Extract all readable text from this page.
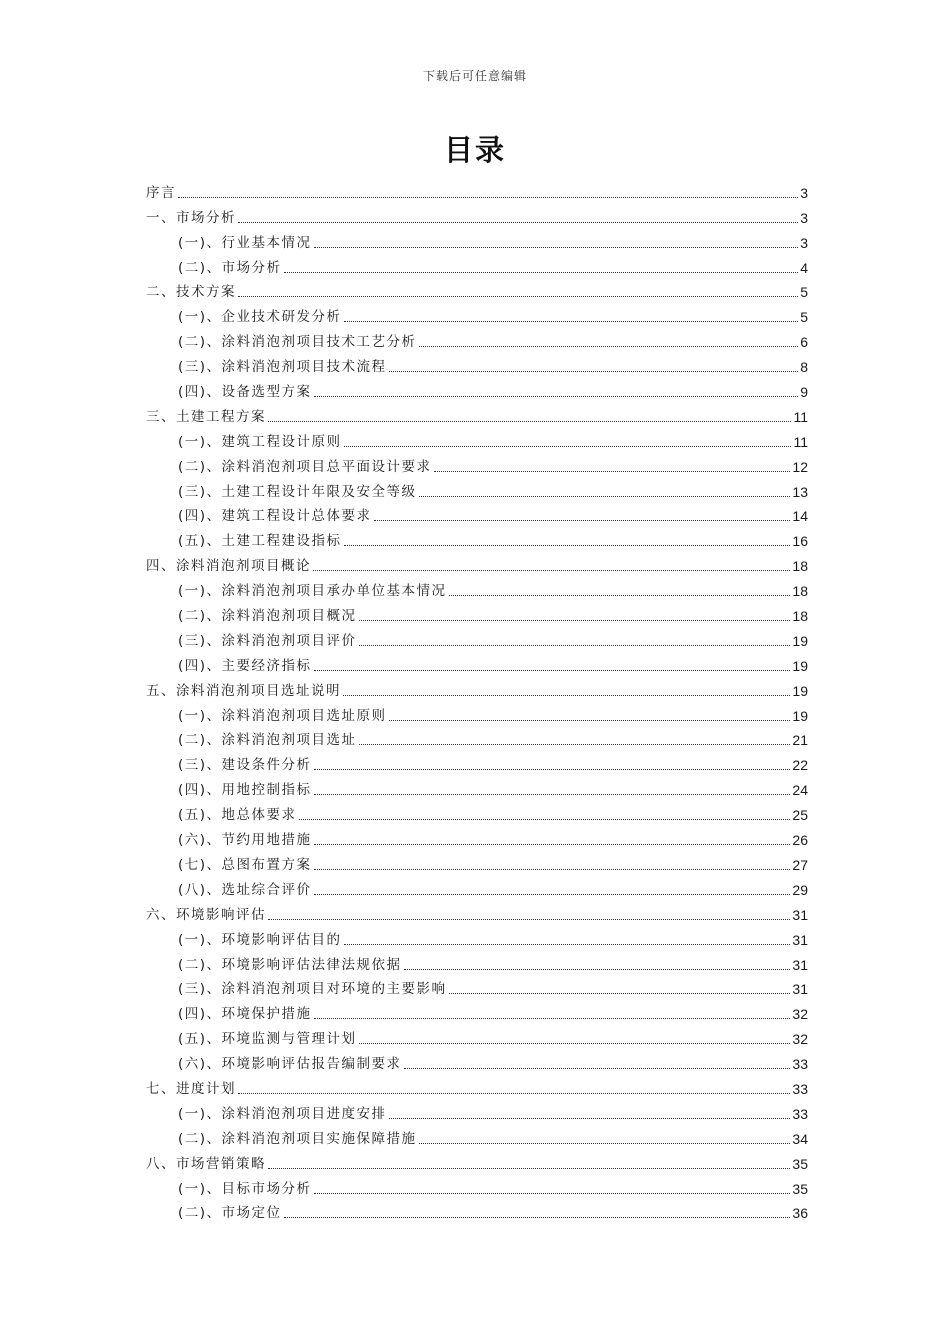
下载后可任意编辑
目录
序言	3
一、市场分析	3
(一)、行业基本情况	3
(二)、市场分析	4
二、技术方案	5
(一)、企业技术研发分析	5
(二)、涂料消泡剂项目技术工艺分析	6
(三)、涂料消泡剂项目技术流程	8
(四)、设备选型方案	9
三、土建工程方案	11
(一)、建筑工程设计原则	11
(二)、涂料消泡剂项目总平面设计要求	12
(三)、土建工程设计年限及安全等级	13
(四)、建筑工程设计总体要求	14
(五)、土建工程建设指标	16
四、涂料消泡剂项目概论	18
(一)、涂料消泡剂项目承办单位基本情况	18
(二)、涂料消泡剂项目概况	18
(三)、涂料消泡剂项目评价	19
(四)、主要经济指标	19
五、涂料消泡剂项目选址说明	19
(一)、涂料消泡剂项目选址原则	19
(二)、涂料消泡剂项目选址	21
(三)、建设条件分析	22
(四)、用地控制指标	24
(五)、地总体要求	25
(六)、节约用地措施	26
(七)、总图布置方案	27
(八)、选址综合评价	29
六、环境影响评估	31
(一)、环境影响评估目的	31
(二)、环境影响评估法律法规依据	31
(三)、涂料消泡剂项目对环境的主要影响	31
(四)、环境保护措施	32
(五)、环境监测与管理计划	32
(六)、环境影响评估报告编制要求	33
七、进度计划	33
(一)、涂料消泡剂项目进度安排	33
(二)、涂料消泡剂项目实施保障措施	34
八、市场营销策略	35
(一)、目标市场分析	35
(二)、市场定位	36
